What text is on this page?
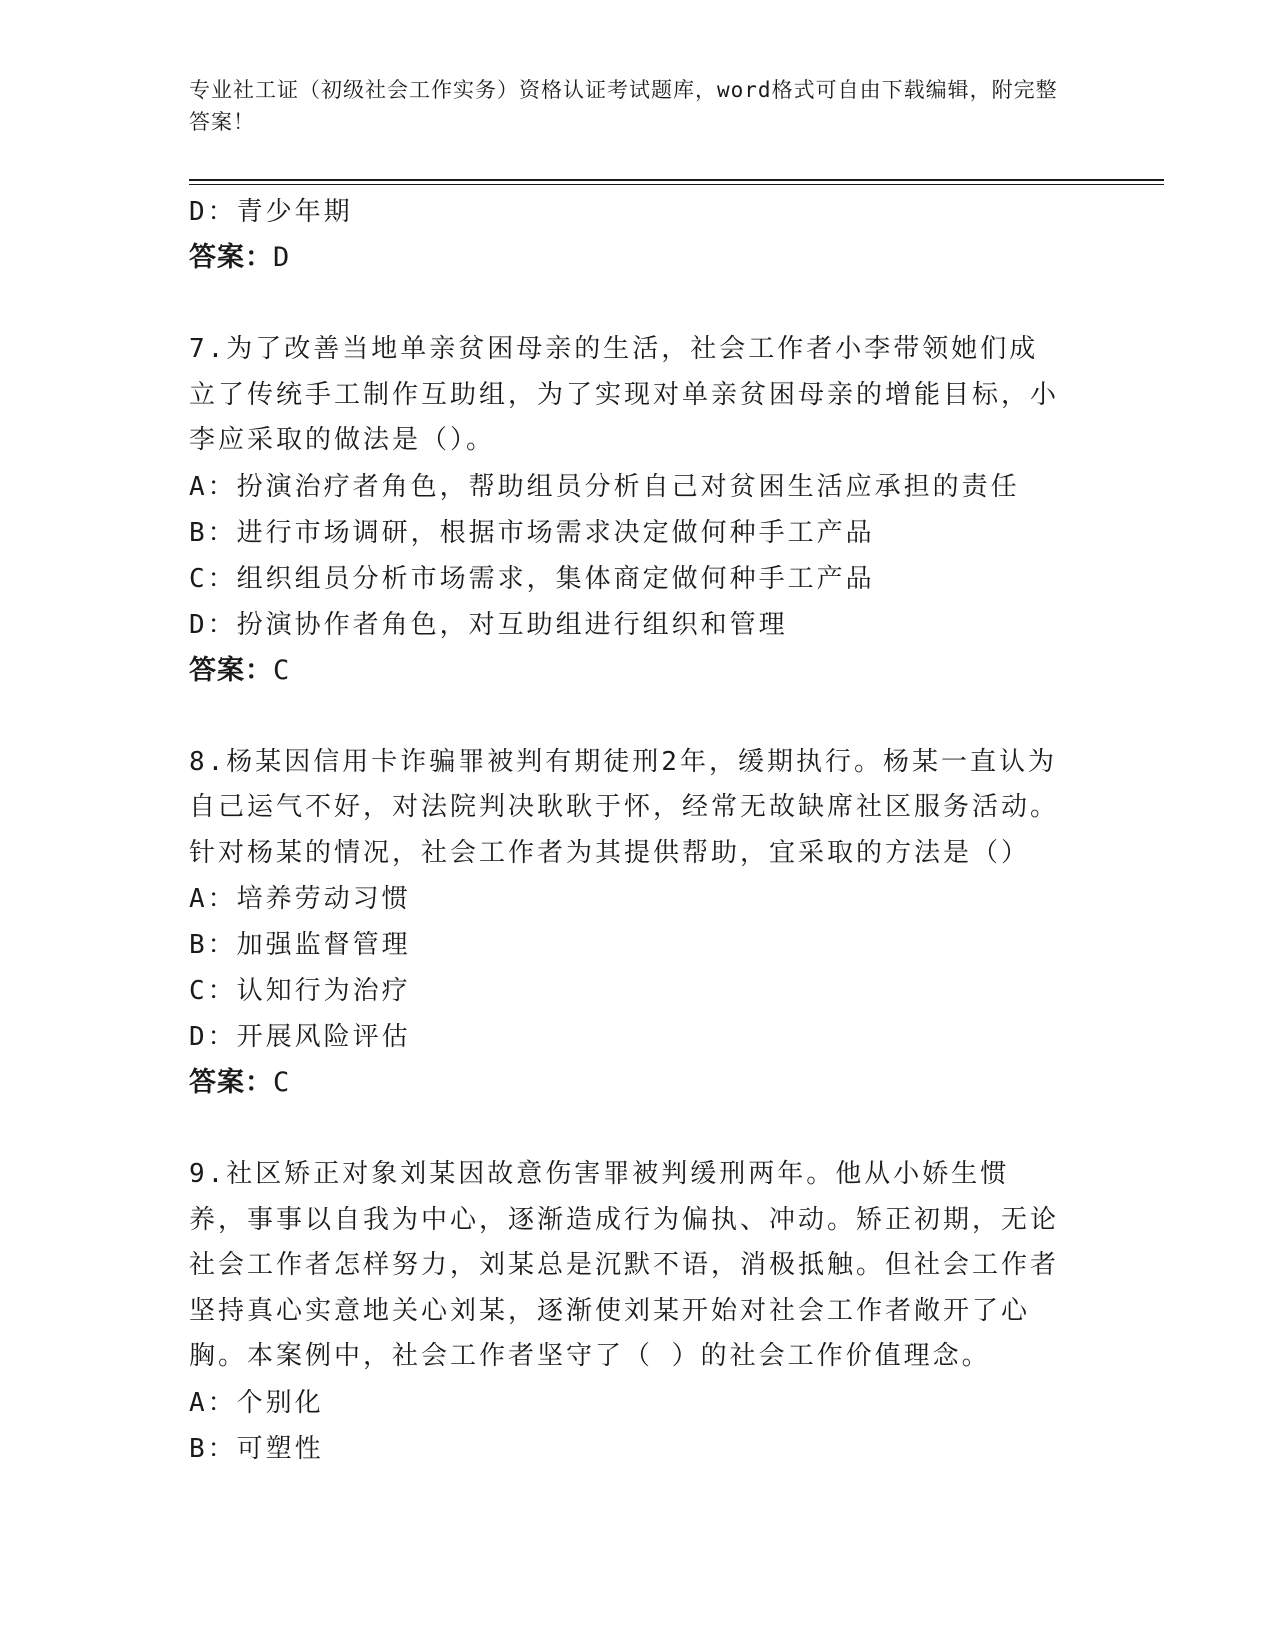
专业社工证（初级社会工作实务）资格认证考试题库，word格式可自由下载编辑，附完整答案！
D：青少年期
答案：D
7.为了改善当地单亲贫困母亲的生活，社会工作者小李带领她们成立了传统手工制作互助组，为了实现对单亲贫困母亲的增能目标，小李应采取的做法是（）。
A：扮演治疗者角色，帮助组员分析自己对贫困生活应承担的责任
B：进行市场调研，根据市场需求决定做何种手工产品
C：组织组员分析市场需求，集体商定做何种手工产品
D：扮演协作者角色，对互助组进行组织和管理
答案：C
8.杨某因信用卡诈骗罪被判有期徒刑2年，缓期执行。杨某一直认为自己运气不好，对法院判决耿耿于怀，经常无故缺席社区服务活动。针对杨某的情况，社会工作者为其提供帮助，宜采取的方法是（）
A：培养劳动习惯
B：加强监督管理
C：认知行为治疗
D：开展风险评估
答案：C
9.社区矫正对象刘某因故意伤害罪被判缓刑两年。他从小娇生惯养，事事以自我为中心，逐渐造成行为偏执、冲动。矫正初期，无论社会工作者怎样努力，刘某总是沉默不语，消极抵触。但社会工作者坚持真心实意地关心刘某，逐渐使刘某开始对社会工作者敞开了心胸。本案例中，社会工作者坚守了（ ）的社会工作价值理念。
A：个别化
B：可塑性
